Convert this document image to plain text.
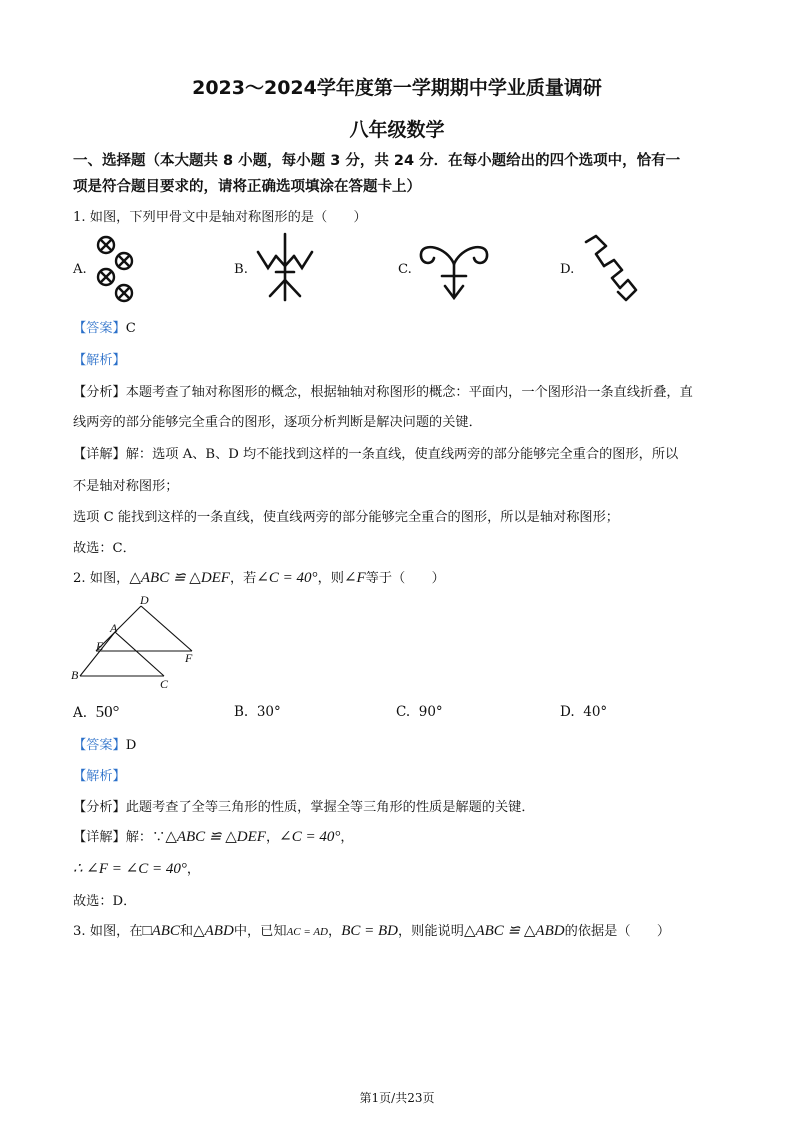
2023～2024学年度第一学期期中学业质量调研
八年级数学
一、选择题（本大题共 8 小题，每小题 3 分，共 24 分．在每小题给出的四个选项中，恰有一
项是符合题目要求的，请将正确选项填涂在答题卡上）
1. 如图，下列甲骨文中是轴对称图形的是（　　）
A.	B.	C.	D.
【答案】C
【解析】
【分析】本题考查了轴对称图形的概念，根据轴轴对称图形的概念：平面内，一个图形沿一条直线折叠，直
线两旁的部分能够完全重合的图形，逐项分析判断是解决问题的关键．
【详解】解：选项 A、B、D 均不能找到这样的一条直线，使直线两旁的部分能够完全重合的图形，所以
不是轴对称图形；
选项 C 能找到这样的一条直线，使直线两旁的部分能够完全重合的图形，所以是轴对称图形；
故选：C．
2. 如图，△ABC ≌ △DEF，若∠C = 40°，则∠F等于（　　）
D
A
E
F
B
C
A. 50°	B. 30°	C. 90°	D. 40°
【答案】D
【解析】
【分析】此题考查了全等三角形的性质，掌握全等三角形的性质是解题的关键．
【详解】解：∵△ABC ≌ △DEF，∠C = 40°，
∴ ∠F = ∠C = 40°，
故选：D．
3. 如图，在□ABC和△ABD中，已知AC = AD，BC = BD，则能说明△ABC ≌ △ABD的依据是（　　）
第1页/共23页
